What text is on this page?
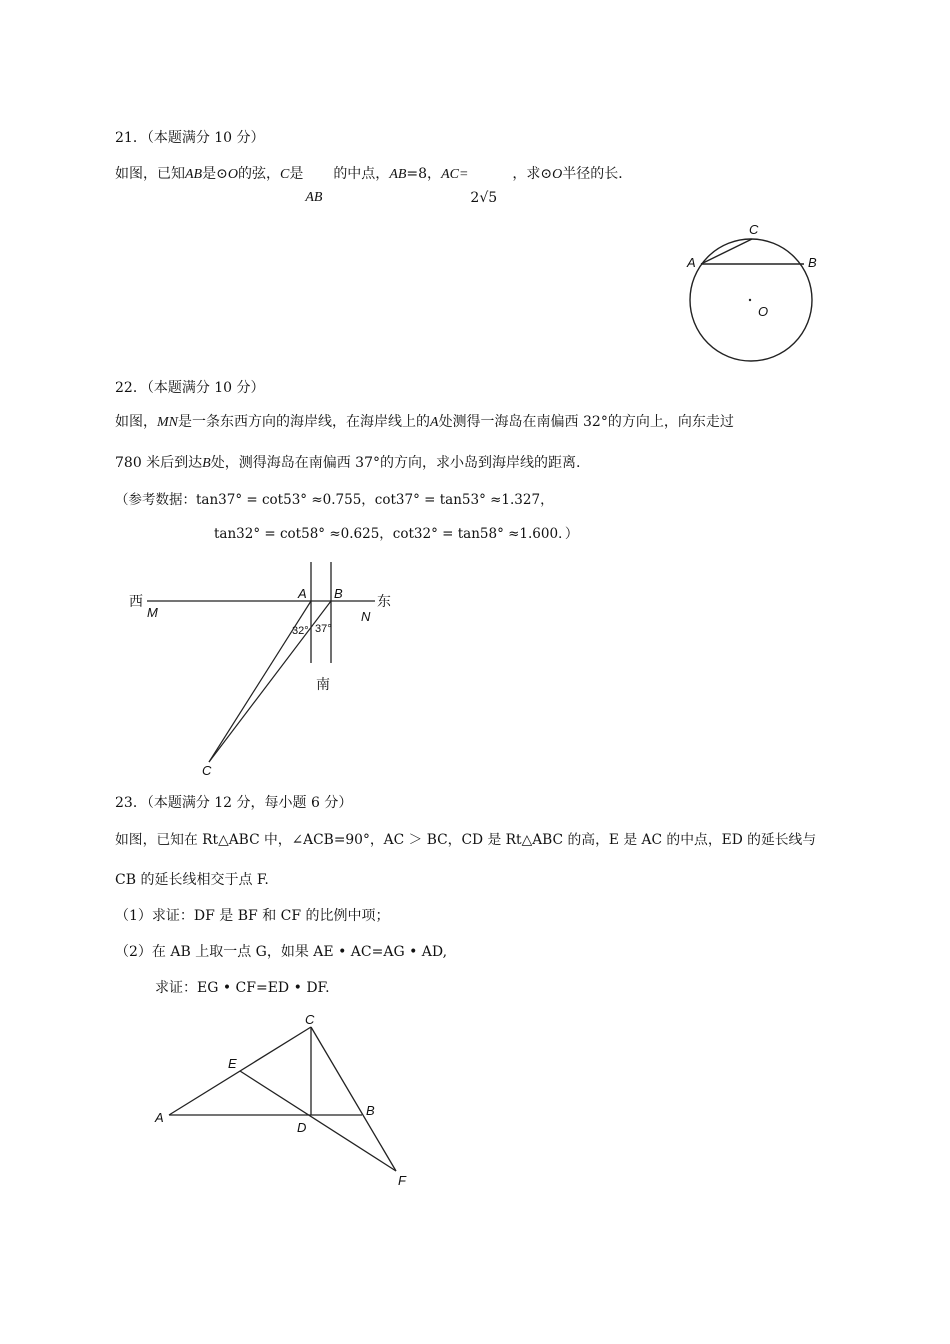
21．（本题满分 10 分）
如图，已知AB是⊙O的弦，C是
AB
的中点，AB=8，AC=
2√5
，求⊙O半径的长．
A	B
C
O
22．（本题满分 10 分）
如图，MN是一条东西方向的海岸线，在海岸线上的A处测得一海岛在南偏西 32°的方向上，向东走过
780 米后到达B处，测得海岛在南偏西 37°的方向，求小岛到海岸线的距离.
（参考数据：tan37° = cot53° ≈0.755，cot37° = tan53° ≈1.327，
tan32° = cot58° ≈0.625，cot32° = tan58° ≈1.600．）
西	东
南
M	N
A B
C
32° 37°
23．（本题满分 12 分，每小题 6 分）
如图，已知在 Rt△ABC 中，∠ACB=90°，AC ＞ BC，CD 是 Rt△ABC 的高，E 是 AC 的中点，ED 的延长线与
CB 的延长线相交于点 F.
（1）求证：DF 是 BF 和 CF 的比例中项；
（2）在 AB 上取一点 G，如果 AE • AC=AG • AD,
求证：EG • CF=ED • DF.
A	B
C
D
E
F
